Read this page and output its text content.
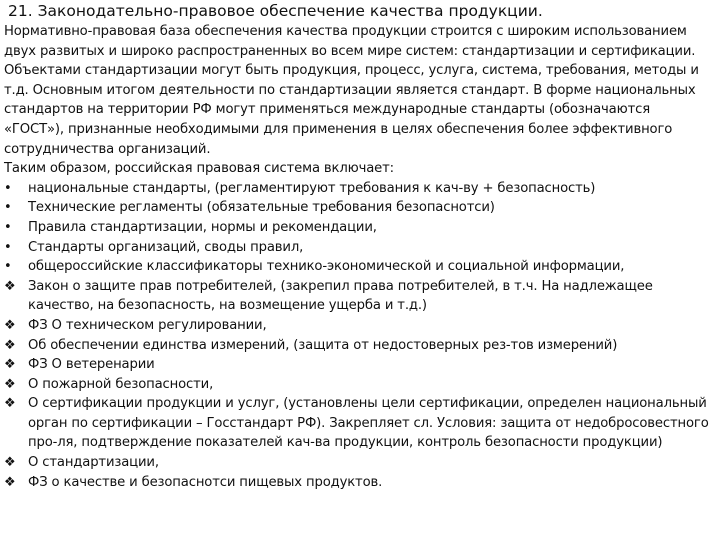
21. Законодательно-правовое обеспечение качества продукции.

Нормативно-правовая база обеспечения качества продукции строится с широким использованием двух развитых и широко распространенных во всем мире систем: стандартизации и сертификации.

Объектами стандартизации могут быть продукция, процесс, услуга, система, требования, методы и т.д. Основным итогом деятельности по стандартизации является стандарт. В форме национальных стандартов на территории РФ могут применяться международные стандарты (обозначаются «ГОСТ»), признанные необходимыми для применения в целях обеспечения более эффективного сотрудничества организаций.

Таким образом, российская правовая система включает:

•	национальные стандарты, (регламентируют требования к кач-ву + безопасность)
•	Технические регламенты (обязательные требования безопаснотси)
•	Правила стандартизации, нормы и рекомендации,
•	Стандарты организаций, своды правил,
•	общероссийские классификаторы технико-экономической и социальной информации,
❖ Закон о защите прав потребителей, (закрепил права потребителей, в т.ч. На надлежащее качество, на безопасность, на возмещение ущерба и т.д.)
❖ ФЗ О техническом регулировании,
❖ Об обеспечении единства измерений, (защита от недостоверных рез-тов измерений)
❖ ФЗ О ветеренарии
❖ О пожарной безопасности,
❖ О сертификации продукции и услуг, (установлены цели сертификации, определен национальный орган по сертификации – Госстандарт РФ). Закрепляет сл. Условия: защита от недобросовестного про-ля, подтверждение показателей кач-ва продукции, контроль безопасности продукции)
❖ О стандартизации,
❖ ФЗ о качестве и безопаснотси пищевых продуктов.
